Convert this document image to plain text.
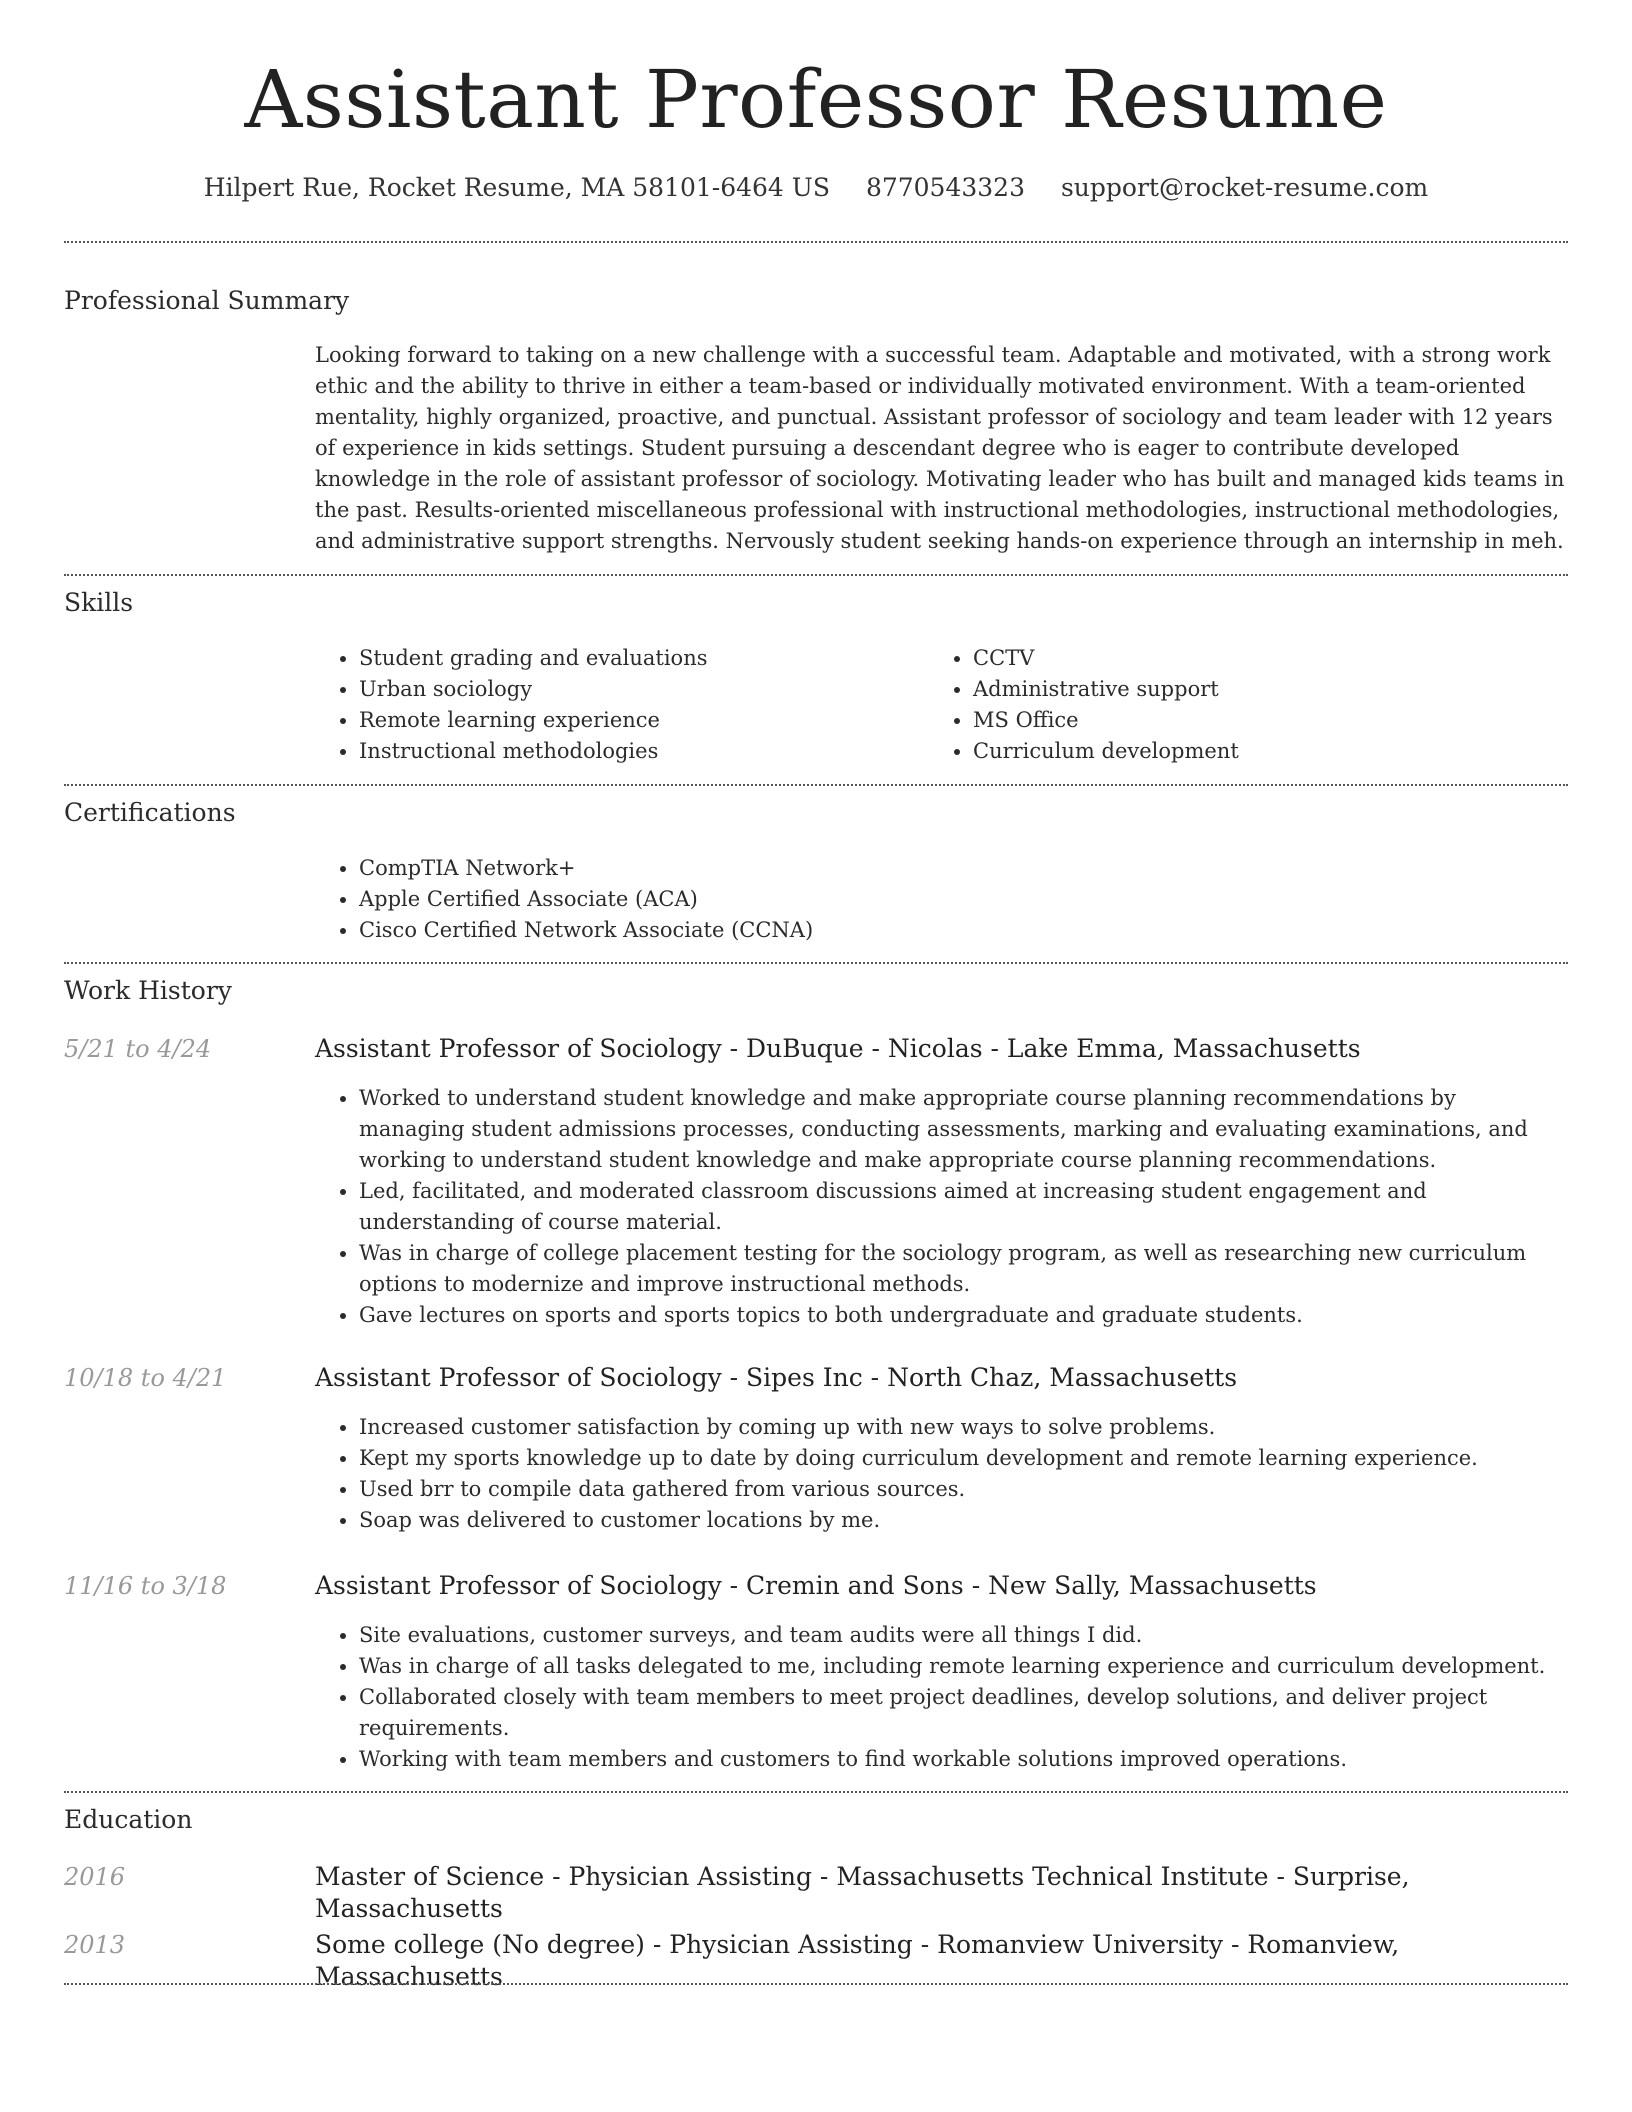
Assistant Professor Resume
Hilpert Rue, Rocket Resume, MA 58101-6464 US 8770543323 support@rocket-resume.com
Professional Summary

Looking forward to taking on a new challenge with a successful team. Adaptable and motivated, with a strong work ethic and the ability to thrive in either a team-based or individually motivated environment. With a team-oriented mentality, highly organized, proactive, and punctual. Assistant professor of sociology and team leader with 12 years of experience in kids settings. Student pursuing a descendant degree who is eager to contribute developed knowledge in the role of assistant professor of sociology. Motivating leader who has built and managed kids teams in the past. Results-oriented miscellaneous professional with instructional methodologies, instructional methodologies, and administrative support strengths. Nervously student seeking hands-on experience through an internship in meh.

Skills
• Student grading and evaluations
• Urban sociology
• Remote learning experience
• Instructional methodologies
• CCTV
• Administrative support
• MS Office
• Curriculum development
Certifications
• CompTIA Network+
• Apple Certified Associate (ACA)
• Cisco Certified Network Associate (CCNA)
Work History
5/21 to 4/24	Assistant Professor of Sociology - DuBuque - Nicolas - Lake Emma, Massachusetts
• Worked to understand student knowledge and make appropriate course planning recommendations by managing student admissions processes, conducting assessments, marking and evaluating examinations, and working to understand student knowledge and make appropriate course planning recommendations.
• Led, facilitated, and moderated classroom discussions aimed at increasing student engagement and understanding of course material.
• Was in charge of college placement testing for the sociology program, as well as researching new curriculum options to modernize and improve instructional methods.
• Gave lectures on sports and sports topics to both undergraduate and graduate students.
10/18 to 4/21	Assistant Professor of Sociology - Sipes Inc - North Chaz, Massachusetts
• Increased customer satisfaction by coming up with new ways to solve problems.
• Kept my sports knowledge up to date by doing curriculum development and remote learning experience.
• Used brr to compile data gathered from various sources.
• Soap was delivered to customer locations by me.
11/16 to 3/18	Assistant Professor of Sociology - Cremin and Sons - New Sally, Massachusetts
• Site evaluations, customer surveys, and team audits were all things I did.
• Was in charge of all tasks delegated to me, including remote learning experience and curriculum development.
• Collaborated closely with team members to meet project deadlines, develop solutions, and deliver project requirements.
• Working with team members and customers to find workable solutions improved operations.
Education
2016	Master of Science - Physician Assisting - Massachusetts Technical Institute - Surprise, Massachusetts
2013	Some college (No degree) - Physician Assisting - Romanview University - Romanview, Massachusetts
